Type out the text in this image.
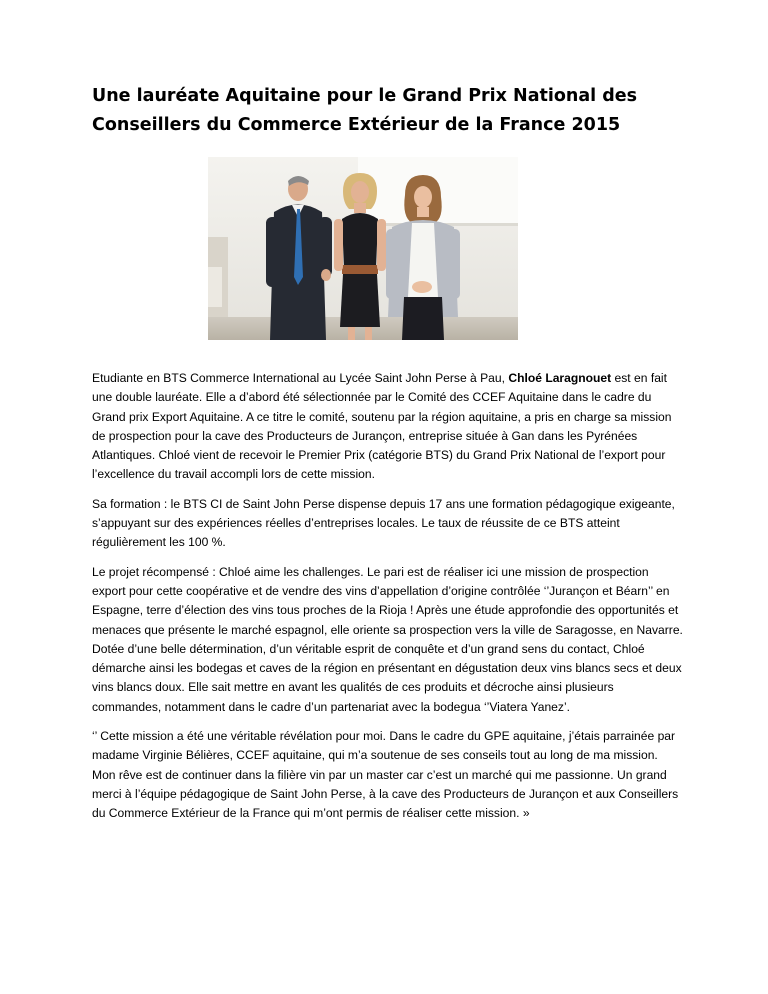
Une lauréate Aquitaine pour le Grand Prix National des Conseillers du Commerce Extérieur de la France 2015

Etudiante en BTS Commerce International au Lycée Saint John Perse à Pau, Chloé Laragnouet est en fait une double lauréate. Elle a d’abord été sélectionnée par le Comité des CCEF Aquitaine dans le cadre du Grand prix Export Aquitaine. A ce titre le comité, soutenu par la région aquitaine, a pris en charge sa mission de prospection pour la cave des Producteurs de Jurançon, entreprise située à Gan dans les Pyrénées Atlantiques. Chloé vient de recevoir le Premier Prix (catégorie BTS) du Grand Prix National de l’export pour l’excellence du travail accompli lors de cette mission.

Sa formation : le BTS CI de Saint John Perse dispense depuis 17 ans une formation pédagogique exigeante, s’appuyant sur des expériences réelles d’entreprises locales. Le taux de réussite de ce BTS atteint régulièrement les 100 %.

Le projet récompensé : Chloé aime les challenges. Le pari est de réaliser ici une mission de prospection export pour cette coopérative et de vendre des vins d’appellation d’origine contrôlée ‘’Jurançon et Béarn’’ en Espagne, terre d’élection des vins tous proches de la Rioja ! Après une étude approfondie des opportunités et menaces que présente le marché espagnol, elle oriente sa prospection vers la ville de Saragosse, en Navarre. Dotée d’une belle détermination, d’un véritable esprit de conquête et d’un grand sens du contact, Chloé démarche ainsi les bodegas et caves de la région en présentant en dégustation deux vins blancs secs et deux vins blancs doux. Elle sait mettre en avant les qualités de ces produits et décroche ainsi plusieurs commandes, notamment dans le cadre d’un partenariat avec la bodegua ‘’Viatera Yanez’.

‘’ Cette mission a été une véritable révélation pour moi. Dans le cadre du GPE aquitaine, j’étais parrainée par madame Virginie Bélières, CCEF aquitaine, qui m’a soutenue de ses conseils tout au long de ma mission. Mon rêve est de continuer dans la filière vin par un master car c’est un marché qui me passionne. Un grand merci à l’équipe pédagogique de Saint John Perse, à la cave des Producteurs de Jurançon et aux Conseillers du Commerce Extérieur de la France qui m’ont permis de réaliser cette mission. »
